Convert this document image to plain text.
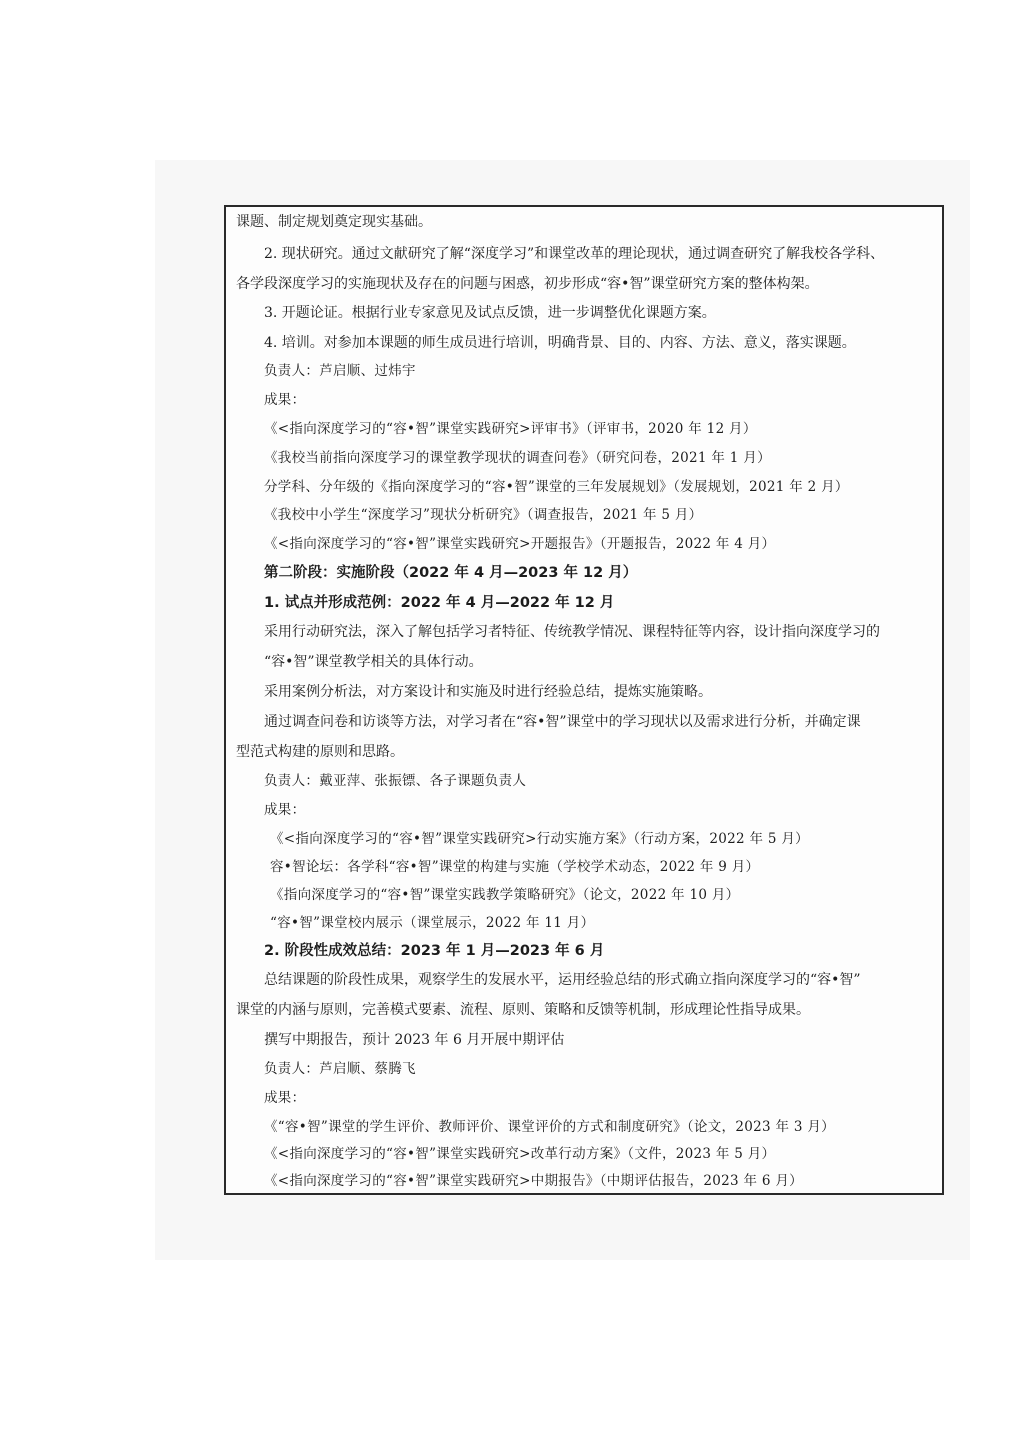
课题、制定规划奠定现实基础。
2. 现状研究。通过文献研究了解“深度学习”和课堂改革的理论现状，通过调查研究了解我校各学科、
各学段深度学习的实施现状及存在的问题与困惑，初步形成“容•智”课堂研究方案的整体构架。
3. 开题论证。根据行业专家意见及试点反馈，进一步调整优化课题方案。
4. 培训。对参加本课题的师生成员进行培训，明确背景、目的、内容、方法、意义，落实课题。
负责人：芦启顺、过炜宇
成果：
《<指向深度学习的“容•智”课堂实践研究>评审书》（评审书，2020 年 12 月）
《我校当前指向深度学习的课堂教学现状的调查问卷》（研究问卷，2021 年 1 月）
分学科、分年级的《指向深度学习的“容•智”课堂的三年发展规划》（发展规划，2021 年 2 月）
《我校中小学生“深度学习”现状分析研究》（调查报告，2021 年 5 月）
《<指向深度学习的“容•智”课堂实践研究>开题报告》（开题报告，2022 年 4 月）
第二阶段：实施阶段（2022 年 4 月—2023 年 12 月）
1. 试点并形成范例：2022 年 4 月—2022 年 12 月
采用行动研究法，深入了解包括学习者特征、传统教学情况、课程特征等内容，设计指向深度学习的
“容•智”课堂教学相关的具体行动。
采用案例分析法，对方案设计和实施及时进行经验总结，提炼实施策略。
通过调查问卷和访谈等方法，对学习者在“容•智”课堂中的学习现状以及需求进行分析，并确定课
型范式构建的原则和思路。
负责人：戴亚萍、张振镖、各子课题负责人
成果：
《<指向深度学习的“容•智”课堂实践研究>行动实施方案》（行动方案，2022 年 5 月）
容•智论坛：各学科“容•智”课堂的构建与实施（学校学术动态，2022 年 9 月）
《指向深度学习的“容•智”课堂实践教学策略研究》（论文，2022 年 10 月）
“容•智”课堂校内展示（课堂展示，2022 年 11 月）
2. 阶段性成效总结：2023 年 1 月—2023 年 6 月
总结课题的阶段性成果，观察学生的发展水平，运用经验总结的形式确立指向深度学习的“容•智”
课堂的内涵与原则，完善模式要素、流程、原则、策略和反馈等机制，形成理论性指导成果。
撰写中期报告，预计 2023 年 6 月开展中期评估
负责人：芦启顺、蔡腾飞
成果：
《“容•智”课堂的学生评价、教师评价、课堂评价的方式和制度研究》（论文，2023 年 3 月）
《<指向深度学习的“容•智”课堂实践研究>改革行动方案》（文件，2023 年 5 月）
《<指向深度学习的“容•智”课堂实践研究>中期报告》（中期评估报告，2023 年 6 月）
